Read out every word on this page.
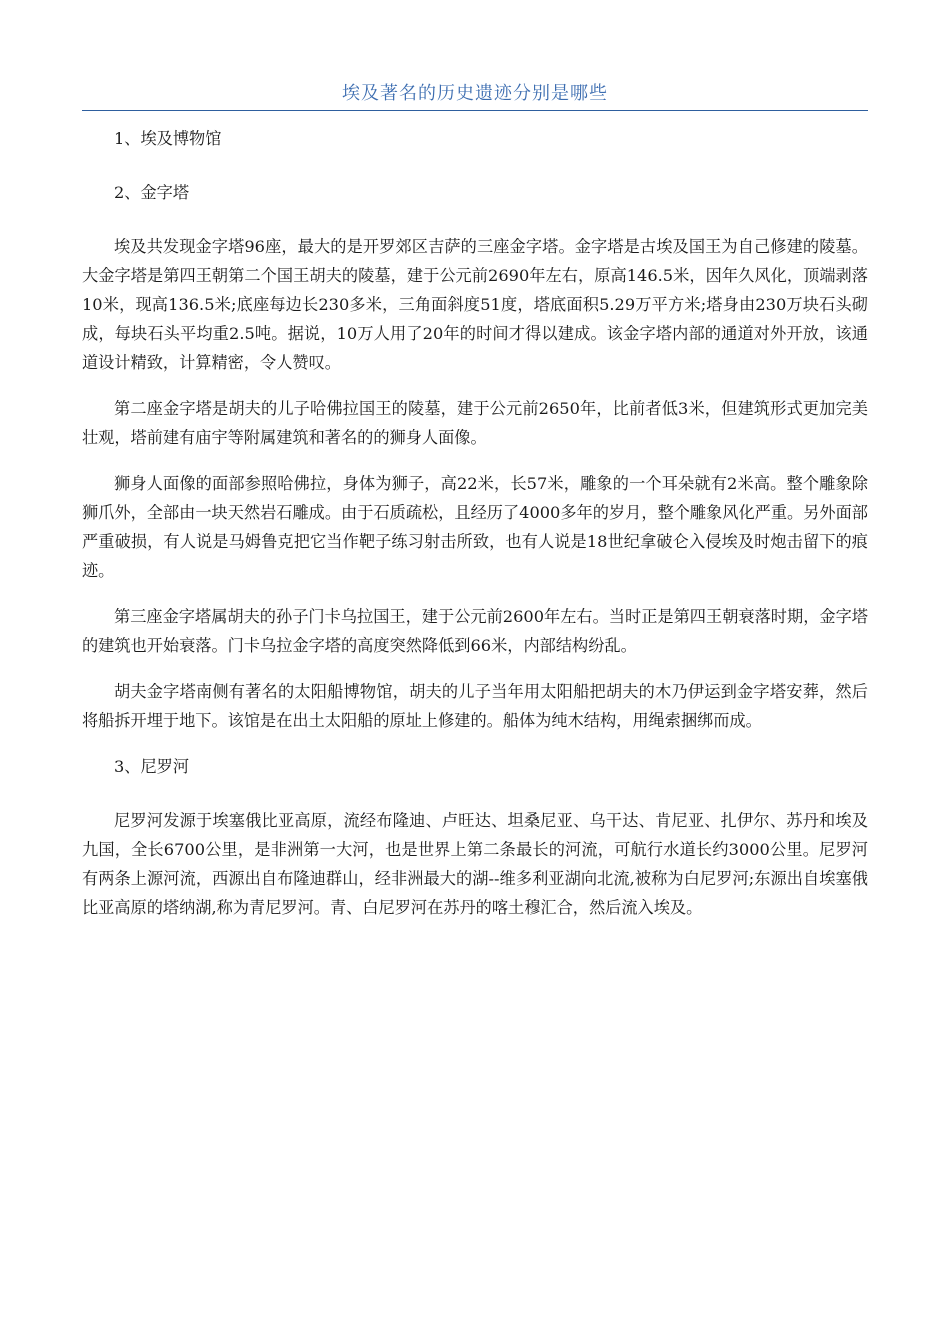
埃及著名的历史遗迹分别是哪些

1、埃及博物馆

2、金字塔

埃及共发现金字塔96座，最大的是开罗郊区吉萨的三座金字塔。金字塔是古埃及国王为自己修建的陵墓。大金字塔是第四王朝第二个国王胡夫的陵墓，建于公元前2690年左右，原高146.5米，因年久风化，顶端剥落10米，现高136.5米;底座每边长230多米，三角面斜度51度，塔底面积5.29万平方米;塔身由230万块石头砌成，每块石头平均重2.5吨。据说，10万人用了20年的时间才得以建成。该金字塔内部的通道对外开放，该通道设计精致，计算精密，令人赞叹。

第二座金字塔是胡夫的儿子哈佛拉国王的陵墓，建于公元前2650年，比前者低3米，但建筑形式更加完美壮观，塔前建有庙宇等附属建筑和著名的的狮身人面像。

狮身人面像的面部参照哈佛拉，身体为狮子，高22米，长57米，雕象的一个耳朵就有2米高。整个雕象除狮爪外，全部由一块天然岩石雕成。由于石质疏松，且经历了4000多年的岁月，整个雕象风化严重。另外面部严重破损，有人说是马姆鲁克把它当作靶子练习射击所致，也有人说是18世纪拿破仑入侵埃及时炮击留下的痕迹。

第三座金字塔属胡夫的孙子门卡乌拉国王，建于公元前2600年左右。当时正是第四王朝衰落时期，金字塔的建筑也开始衰落。门卡乌拉金字塔的高度突然降低到66米，内部结构纷乱。

胡夫金字塔南侧有著名的太阳船博物馆，胡夫的儿子当年用太阳船把胡夫的木乃伊运到金字塔安葬，然后将船拆开埋于地下。该馆是在出土太阳船的原址上修建的。船体为纯木结构，用绳索捆绑而成。

3、尼罗河

尼罗河发源于埃塞俄比亚高原，流经布隆迪、卢旺达、坦桑尼亚、乌干达、肯尼亚、扎伊尔、苏丹和埃及九国，全长6700公里，是非洲第一大河，也是世界上第二条最长的河流，可航行水道长约3000公里。尼罗河有两条上源河流，西源出自布隆迪群山，经非洲最大的湖--维多利亚湖向北流,被称为白尼罗河;东源出自埃塞俄比亚高原的塔纳湖,称为青尼罗河。青、白尼罗河在苏丹的喀土穆汇合，然后流入埃及。
